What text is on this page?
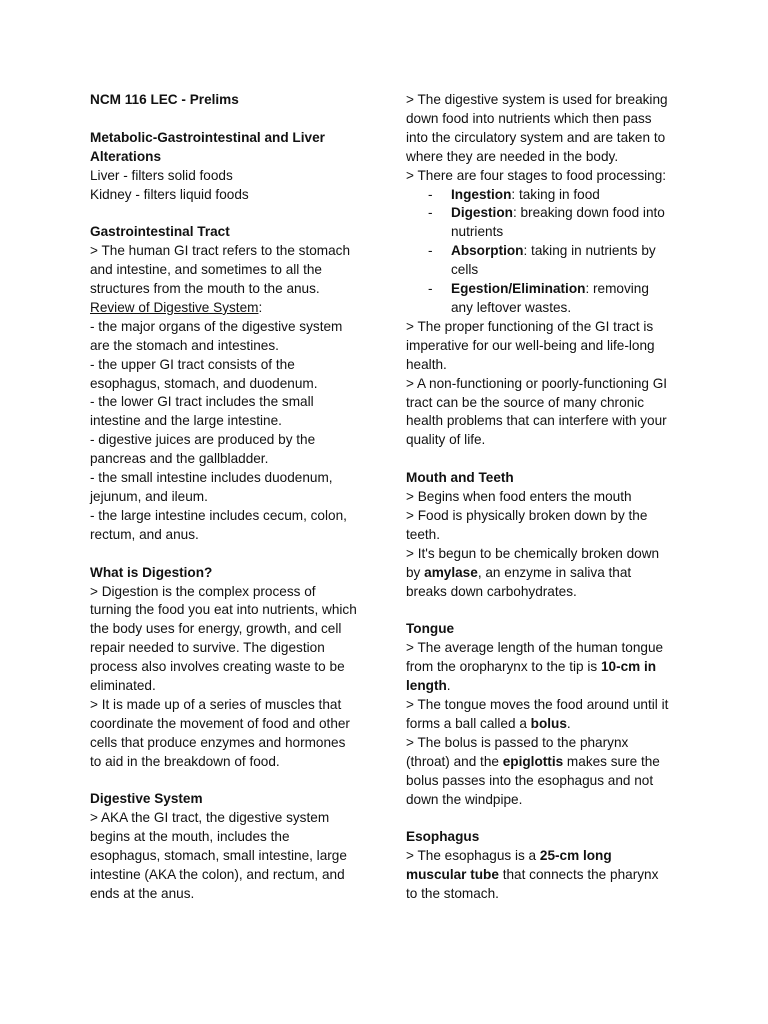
NCM 116 LEC - Prelims

Metabolic-Gastrointestinal and Liver

Alterations

Liver - filters solid foods

Kidney - filters liquid foods

Gastrointestinal Tract

> The human GI tract refers to the stomach

and intestine, and sometimes to all the

structures from the mouth to the anus.

Review of Digestive System:

- the major organs of the digestive system

are the stomach and intestines.

- the upper GI tract consists of the

esophagus, stomach, and duodenum.

- the lower GI tract includes the small

intestine and the large intestine.

- digestive juices are produced by the

pancreas and the gallbladder.

- the small intestine includes duodenum,

jejunum, and ileum.

- the large intestine includes cecum, colon,

rectum, and anus.

What is Digestion?

> Digestion is the complex process of

turning the food you eat into nutrients, which

the body uses for energy, growth, and cell

repair needed to survive. The digestion

process also involves creating waste to be

eliminated.

> It is made up of a series of muscles that

coordinate the movement of food and other

cells that produce enzymes and hormones

to aid in the breakdown of food.

Digestive System

> AKA the GI tract, the digestive system

begins at the mouth, includes the

esophagus, stomach, small intestine, large

intestine (AKA the colon), and rectum, and

ends at the anus.

> The digestive system is used for breaking

down food into nutrients which then pass

into the circulatory system and are taken to

where they are needed in the body.

> There are four stages to food processing:

- Ingestion: taking in food

- Digestion: breaking down food into

nutrients

- Absorption: taking in nutrients by

cells

- Egestion/Elimination: removing

any leftover wastes.

> The proper functioning of the GI tract is

imperative for our well-being and life-long

health.

> A non-functioning or poorly-functioning GI

tract can be the source of many chronic

health problems that can interfere with your

quality of life.

Mouth and Teeth

> Begins when food enters the mouth

> Food is physically broken down by the

teeth.

> It's begun to be chemically broken down

by amylase, an enzyme in saliva that

breaks down carbohydrates.

Tongue

> The average length of the human tongue

from the oropharynx to the tip is 10-cm in

length.

> The tongue moves the food around until it

forms a ball called a bolus.

> The bolus is passed to the pharynx

(throat) and the epiglottis makes sure the

bolus passes into the esophagus and not

down the windpipe.

Esophagus

> The esophagus is a 25-cm long

muscular tube that connects the pharynx

to the stomach.
